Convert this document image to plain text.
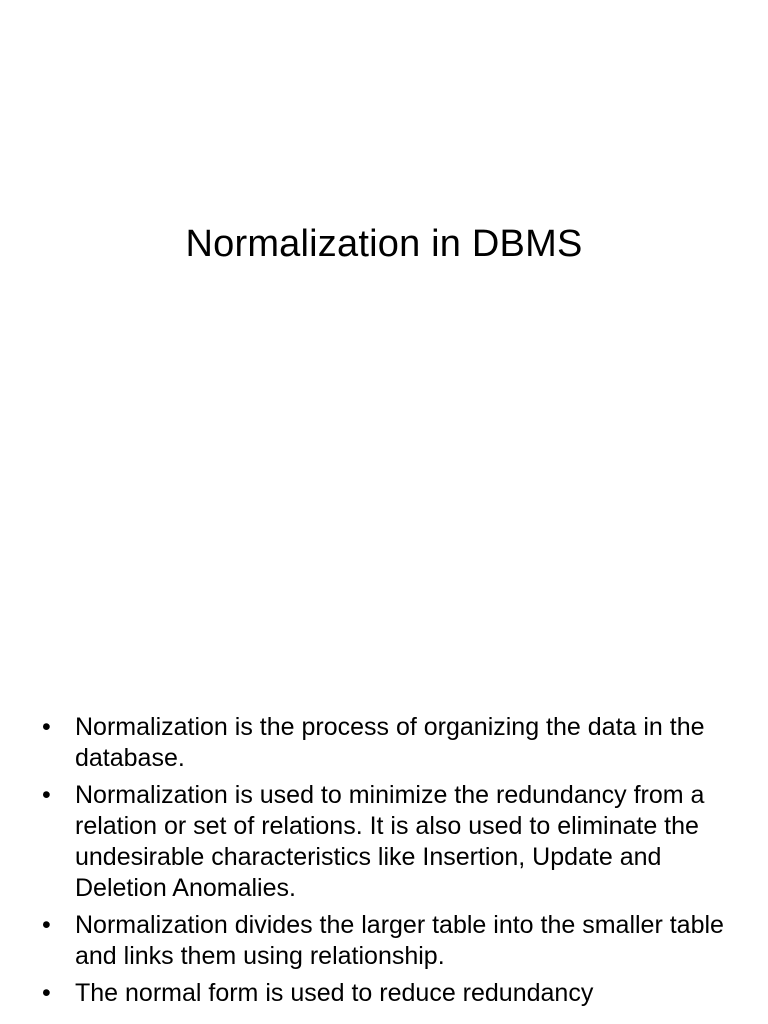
Normalization in DBMS
• Normalization is the process of organizing the data in the database.
• Normalization is used to minimize the redundancy from a relation or set of relations. It is also used to eliminate the undesirable characteristics like Insertion, Update and Deletion Anomalies.
• Normalization divides the larger table into the smaller table and links them using relationship.
• The normal form is used to reduce redundancy
